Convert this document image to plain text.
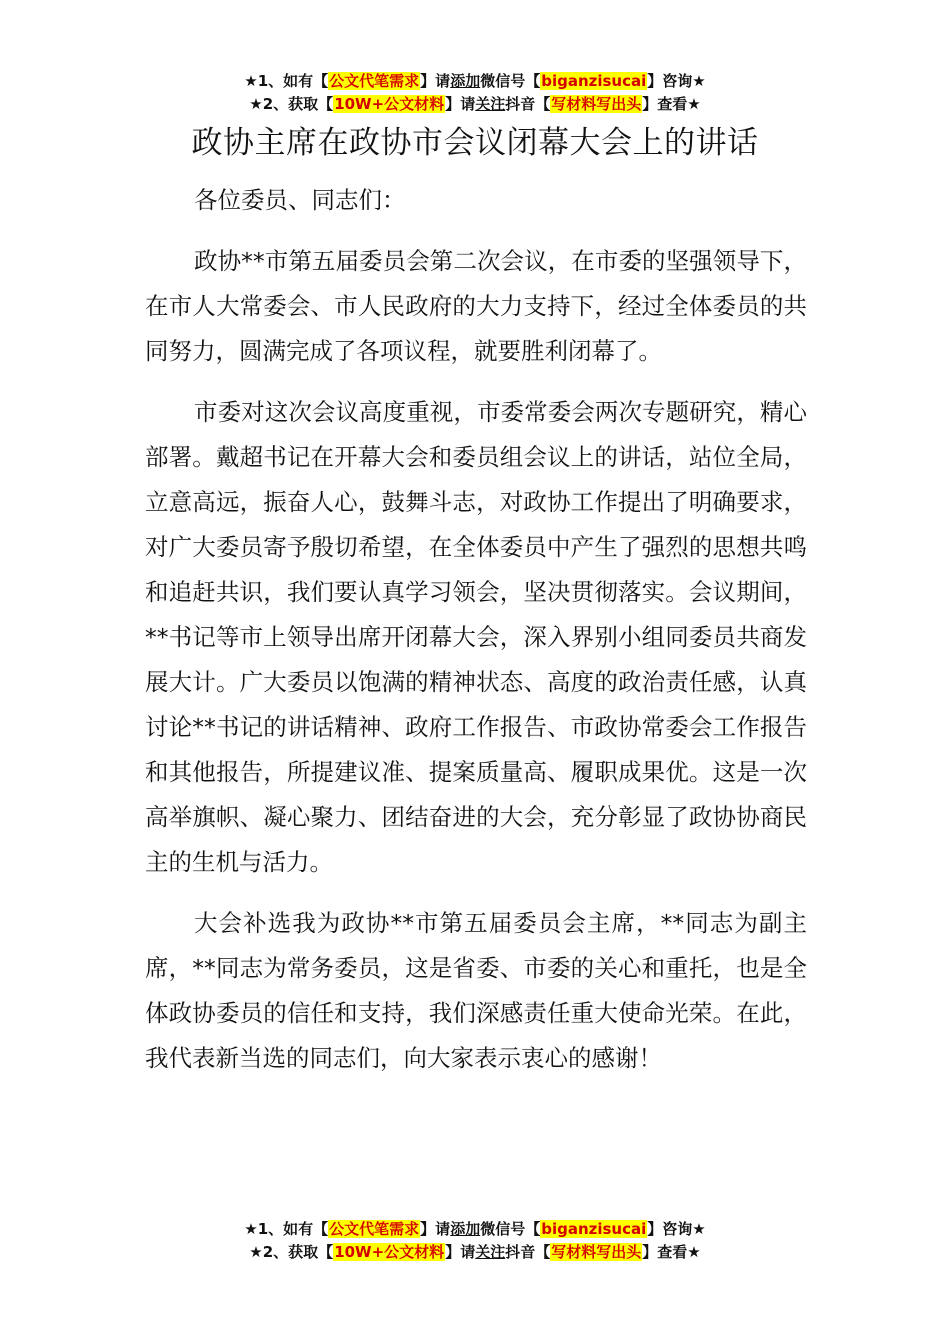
★1、如有【公文代笔需求】请添加微信号【biganzisucai】咨询★
★2、获取【10W+公文材料】请关注抖音【写材料写出头】查看★
政协主席在政协市会议闭幕大会上的讲话

各位委员、同志们：

政协**市第五届委员会第二次会议，在市委的坚强领导下，在市人大常委会、市人民政府的大力支持下，经过全体委员的共同努力，圆满完成了各项议程，就要胜利闭幕了。

市委对这次会议高度重视，市委常委会两次专题研究，精心部署。戴超书记在开幕大会和委员组会议上的讲话，站位全局，立意高远，振奋人心，鼓舞斗志，对政协工作提出了明确要求，对广大委员寄予殷切希望，在全体委员中产生了强烈的思想共鸣和追赶共识，我们要认真学习领会，坚决贯彻落实。会议期间，**书记等市上领导出席开闭幕大会，深入界别小组同委员共商发展大计。广大委员以饱满的精神状态、高度的政治责任感，认真讨论**书记的讲话精神、政府工作报告、市政协常委会工作报告和其他报告，所提建议准、提案质量高、履职成果优。这是一次高举旗帜、凝心聚力、团结奋进的大会，充分彰显了政协协商民主的生机与活力。

大会补选我为政协**市第五届委员会主席，**同志为副主席，**同志为常务委员，这是省委、市委的关心和重托，也是全体政协委员的信任和支持，我们深感责任重大使命光荣。在此，我代表新当选的同志们，向大家表示衷心的感谢！

★1、如有【公文代笔需求】请添加微信号【biganzisucai】咨询★
★2、获取【10W+公文材料】请关注抖音【写材料写出头】查看★
